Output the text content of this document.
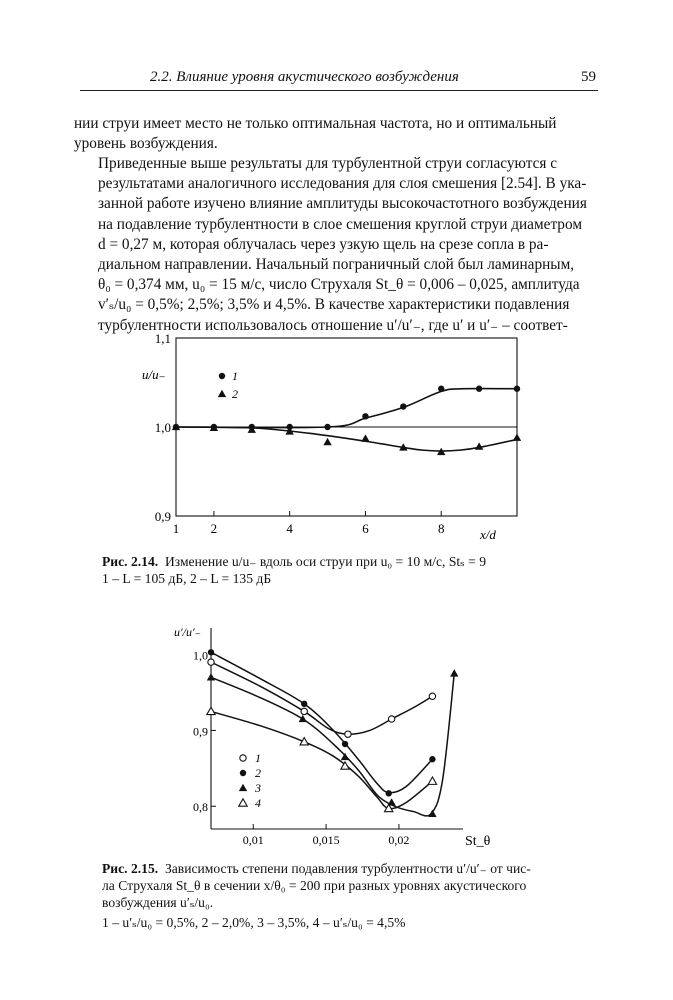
2.2. Влияние уровня акустического возбуждения	59
нии струи имеет место не только оптимальная частота, но и оптимальный
уровень возбуждения.
Приведенные выше результаты для турбулентной струи согласуются с
результатами аналогичного исследования для слоя смешения [2.54]. В ука-
занной работе изучено влияние амплитуды высокочастотного возбуждения
на подавление турбулентности в слое смешения круглой струи диаметром
d = 0,27 м, которая облучалась через узкую щель на срезе сопла в ра-
диальном направлении. Начальный пограничный слой был ламинарным,
θ₀ = 0,374 мм, u₀ = 15 м/с, число Струхаля St_θ = 0,006 – 0,025, амплитуда
v′ₛ/u₀ = 0,5%; 2,5%; 3,5% и 4,5%. В качестве характеристики подавления
турбулентности использовалось отношение u′/u′₋, где u′ и u′₋ – соответ-
u/u₋
x/d
1
2
1 2	4	6	8
0,9
1,0
1,1
Рис. 2.14. Изменение u/u₋ вдоль оси струи при u₀ = 10 м/с, Stₛ = 9
1 – L = 105 дБ, 2 – L = 135 дБ
u′/u′₋
St_θ
1
2
3
4
0,01	0,015	0,02
0,8
0,9
1,0
Рис. 2.15. Зависимость степени подавления турбулентности u′/u′₋ от чис-
ла Струхаля St_θ в сечении x/θ₀ = 200 при разных уровнях акустического
возбуждения u′ₛ/u₀.
1 – u′ₛ/u₀ = 0,5%, 2 – 2,0%, 3 – 3,5%, 4 – u′ₛ/u₀ = 4,5%
